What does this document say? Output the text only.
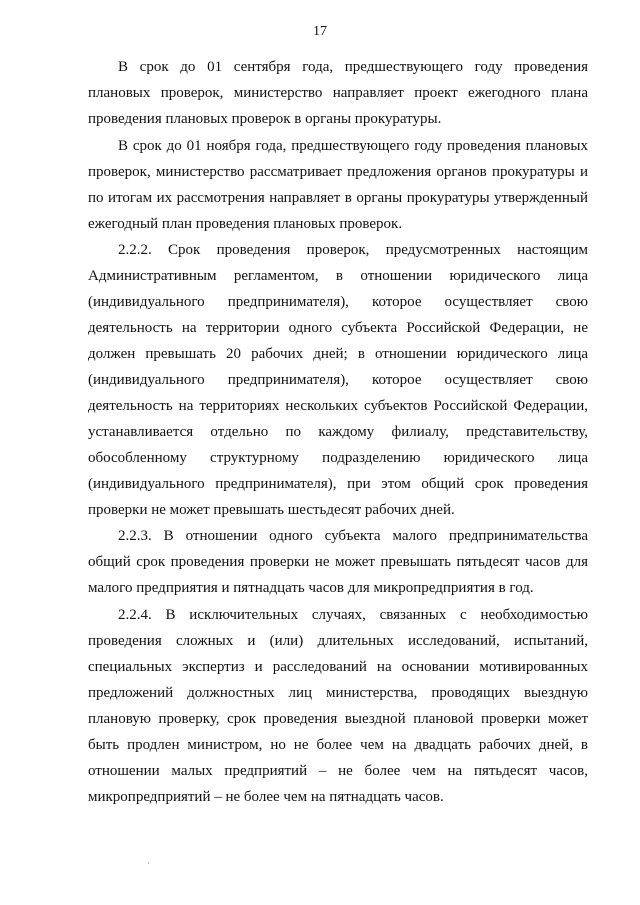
17
В срок до 01 сентября года, предшествующего году проведения
плановых проверок, министерство направляет проект ежегодного плана
проведения плановых проверок в органы прокуратуры.
В срок до 01 ноября года, предшествующего году проведения плановых
проверок, министерство рассматривает предложения органов прокуратуры и
по итогам их рассмотрения направляет в органы прокуратуры утвержденный
ежегодный план проведения плановых проверок.
2.2.2. Срок проведения проверок, предусмотренных настоящим
Административным регламентом, в отношении юридического лица
(индивидуального предпринимателя), которое осуществляет свою
деятельность на территории одного субъекта Российской Федерации, не
должен превышать 20 рабочих дней; в отношении юридического лица
(индивидуального предпринимателя), которое осуществляет свою
деятельность на территориях нескольких субъектов Российской Федерации,
устанавливается отдельно по каждому филиалу, представительству,
обособленному структурному подразделению юридического лица
(индивидуального предпринимателя), при этом общий срок проведения
проверки не может превышать шестьдесят рабочих дней.
2.2.3. В отношении одного субъекта малого предпринимательства
общий срок проведения проверки не может превышать пятьдесят часов для
малого предприятия и пятнадцать часов для микропредприятия в год.
2.2.4. В исключительных случаях, связанных с необходимостью
проведения сложных и (или) длительных исследований, испытаний,
специальных экспертиз и расследований на основании мотивированных
предложений должностных лиц министерства, проводящих выездную
плановую проверку, срок проведения выездной плановой проверки может
быть продлен министром, но не более чем на двадцать рабочих дней, в
отношении малых предприятий – не более чем на пятьдесят часов,
микропредприятий – не более чем на пятнадцать часов.
